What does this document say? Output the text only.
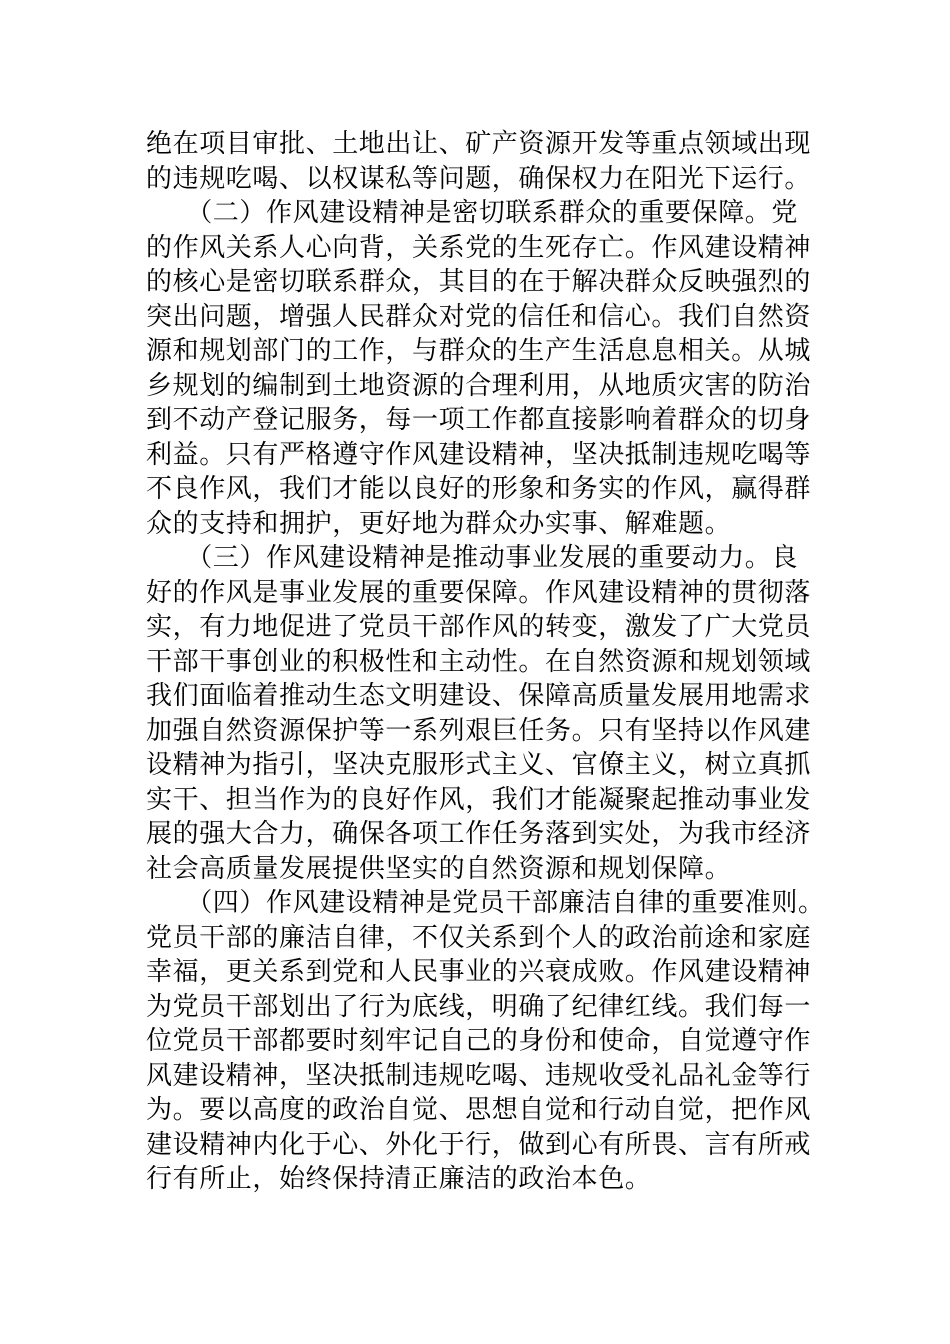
绝在项目审批、土地出让、矿产资源开发等重点领域出现
的违规吃喝、以权谋私等问题，确保权力在阳光下运行。
　　（二）作风建设精神是密切联系群众的重要保障。党
的作风关系人心向背，关系党的生死存亡。作风建设精神
的核心是密切联系群众，其目的在于解决群众反映强烈的
突出问题，增强人民群众对党的信任和信心。我们自然资
源和规划部门的工作，与群众的生产生活息息相关。从城
乡规划的编制到土地资源的合理利用，从地质灾害的防治
到不动产登记服务，每一项工作都直接影响着群众的切身
利益。只有严格遵守作风建设精神，坚决抵制违规吃喝等
不良作风，我们才能以良好的形象和务实的作风，赢得群
众的支持和拥护，更好地为群众办实事、解难题。
　　（三）作风建设精神是推动事业发展的重要动力。良
好的作风是事业发展的重要保障。作风建设精神的贯彻落
实，有力地促进了党员干部作风的转变，激发了广大党员
干部干事创业的积极性和主动性。在自然资源和规划领域
我们面临着推动生态文明建设、保障高质量发展用地需求
加强自然资源保护等一系列艰巨任务。只有坚持以作风建
设精神为指引，坚决克服形式主义、官僚主义，树立真抓
实干、担当作为的良好作风，我们才能凝聚起推动事业发
展的强大合力，确保各项工作任务落到实处，为我市经济
社会高质量发展提供坚实的自然资源和规划保障。
　　（四）作风建设精神是党员干部廉洁自律的重要准则。
党员干部的廉洁自律，不仅关系到个人的政治前途和家庭
幸福，更关系到党和人民事业的兴衰成败。作风建设精神
为党员干部划出了行为底线，明确了纪律红线。我们每一
位党员干部都要时刻牢记自己的身份和使命，自觉遵守作
风建设精神，坚决抵制违规吃喝、违规收受礼品礼金等行
为。要以高度的政治自觉、思想自觉和行动自觉，把作风
建设精神内化于心、外化于行，做到心有所畏、言有所戒
行有所止，始终保持清正廉洁的政治本色。
